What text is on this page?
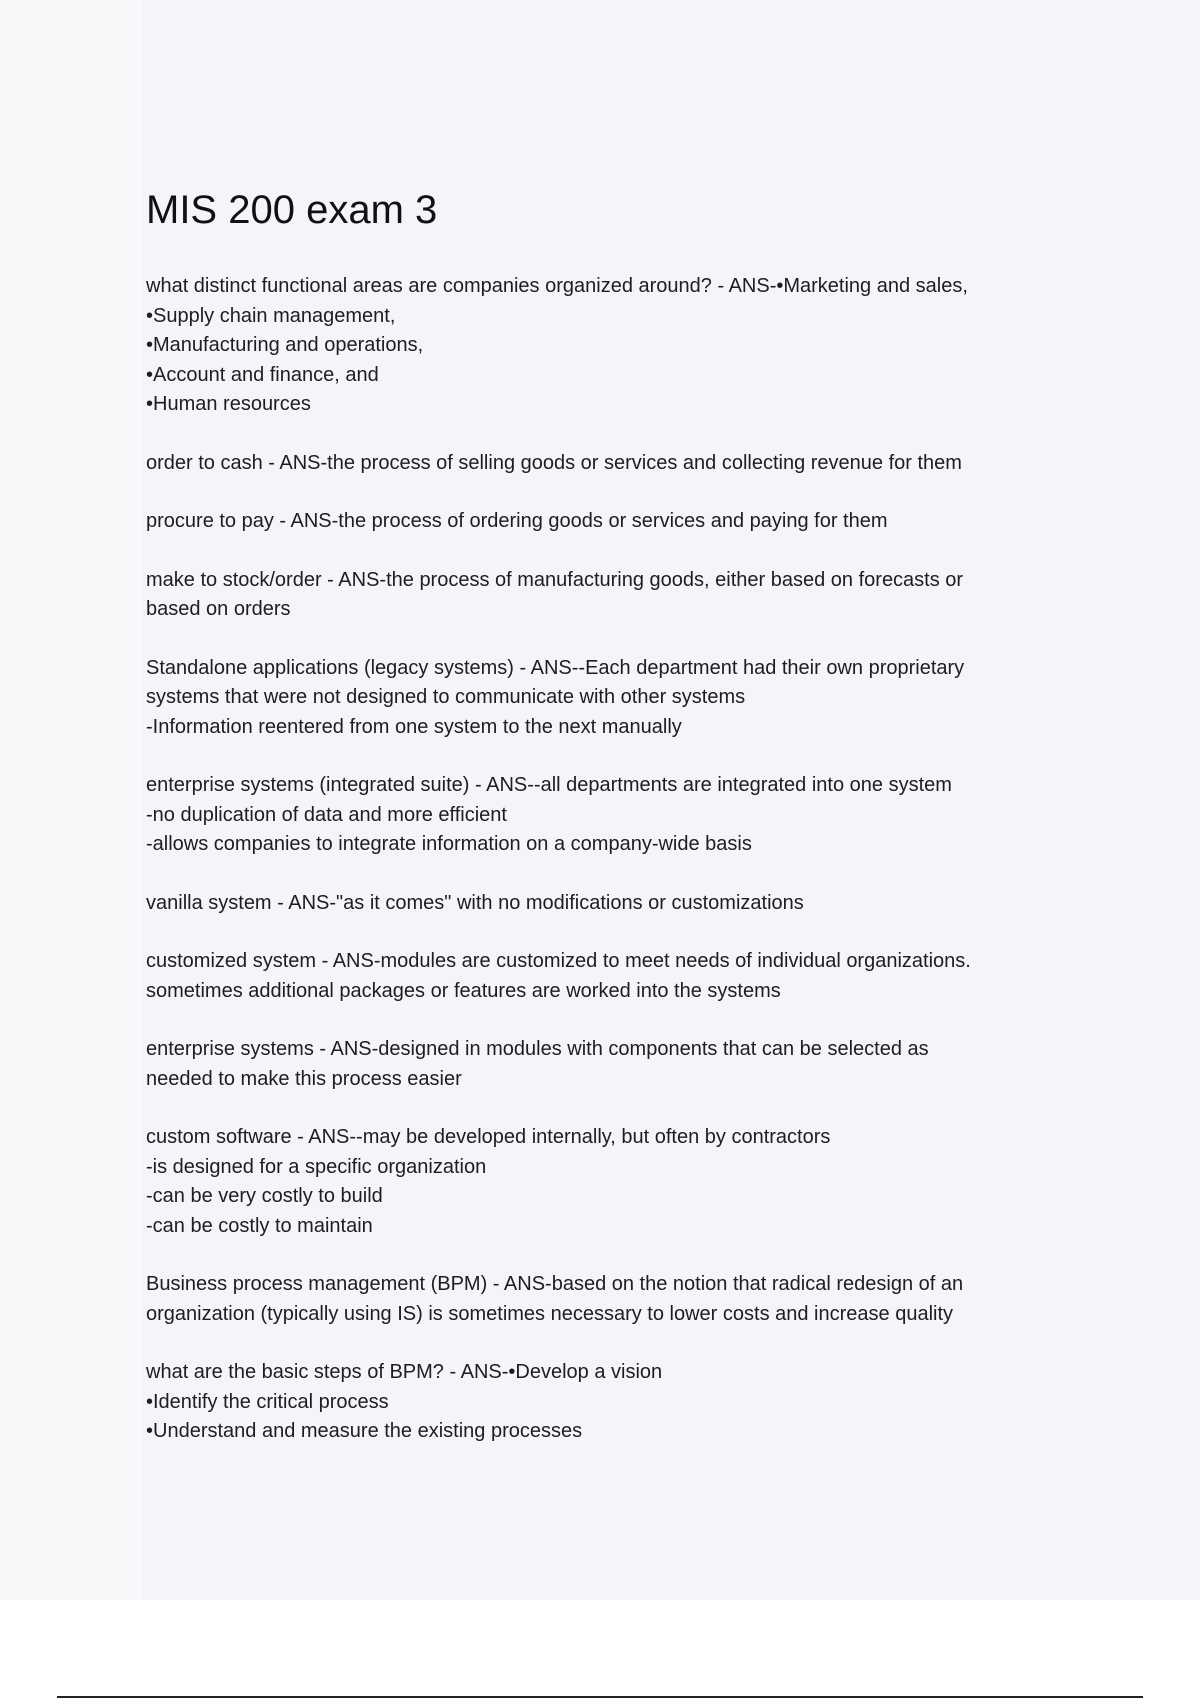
MIS 200 exam 3
what distinct functional areas are companies organized around? - ANS-•Marketing and sales,
•Supply chain management,
•Manufacturing and operations,
•Account and finance, and
•Human resources
order to cash - ANS-the process of selling goods or services and collecting revenue for them
procure to pay - ANS-the process of ordering goods or services and paying for them
make to stock/order - ANS-the process of manufacturing goods, either based on forecasts or
based on orders
Standalone applications (legacy systems) - ANS--Each department had their own proprietary
systems that were not designed to communicate with other systems
-Information reentered from one system to the next manually
enterprise systems (integrated suite) - ANS--all departments are integrated into one system
-no duplication of data and more efficient
-allows companies to integrate information on a company-wide basis
vanilla system - ANS-"as it comes" with no modifications or customizations
customized system - ANS-modules are customized to meet needs of individual organizations.
sometimes additional packages or features are worked into the systems
enterprise systems - ANS-designed in modules with components that can be selected as
needed to make this process easier
custom software - ANS--may be developed internally, but often by contractors
-is designed for a specific organization
-can be very costly to build
-can be costly to maintain
Business process management (BPM) - ANS-based on the notion that radical redesign of an
organization (typically using IS) is sometimes necessary to lower costs and increase quality
what are the basic steps of BPM? - ANS-•Develop a vision
•Identify the critical process
•Understand and measure the existing processes
